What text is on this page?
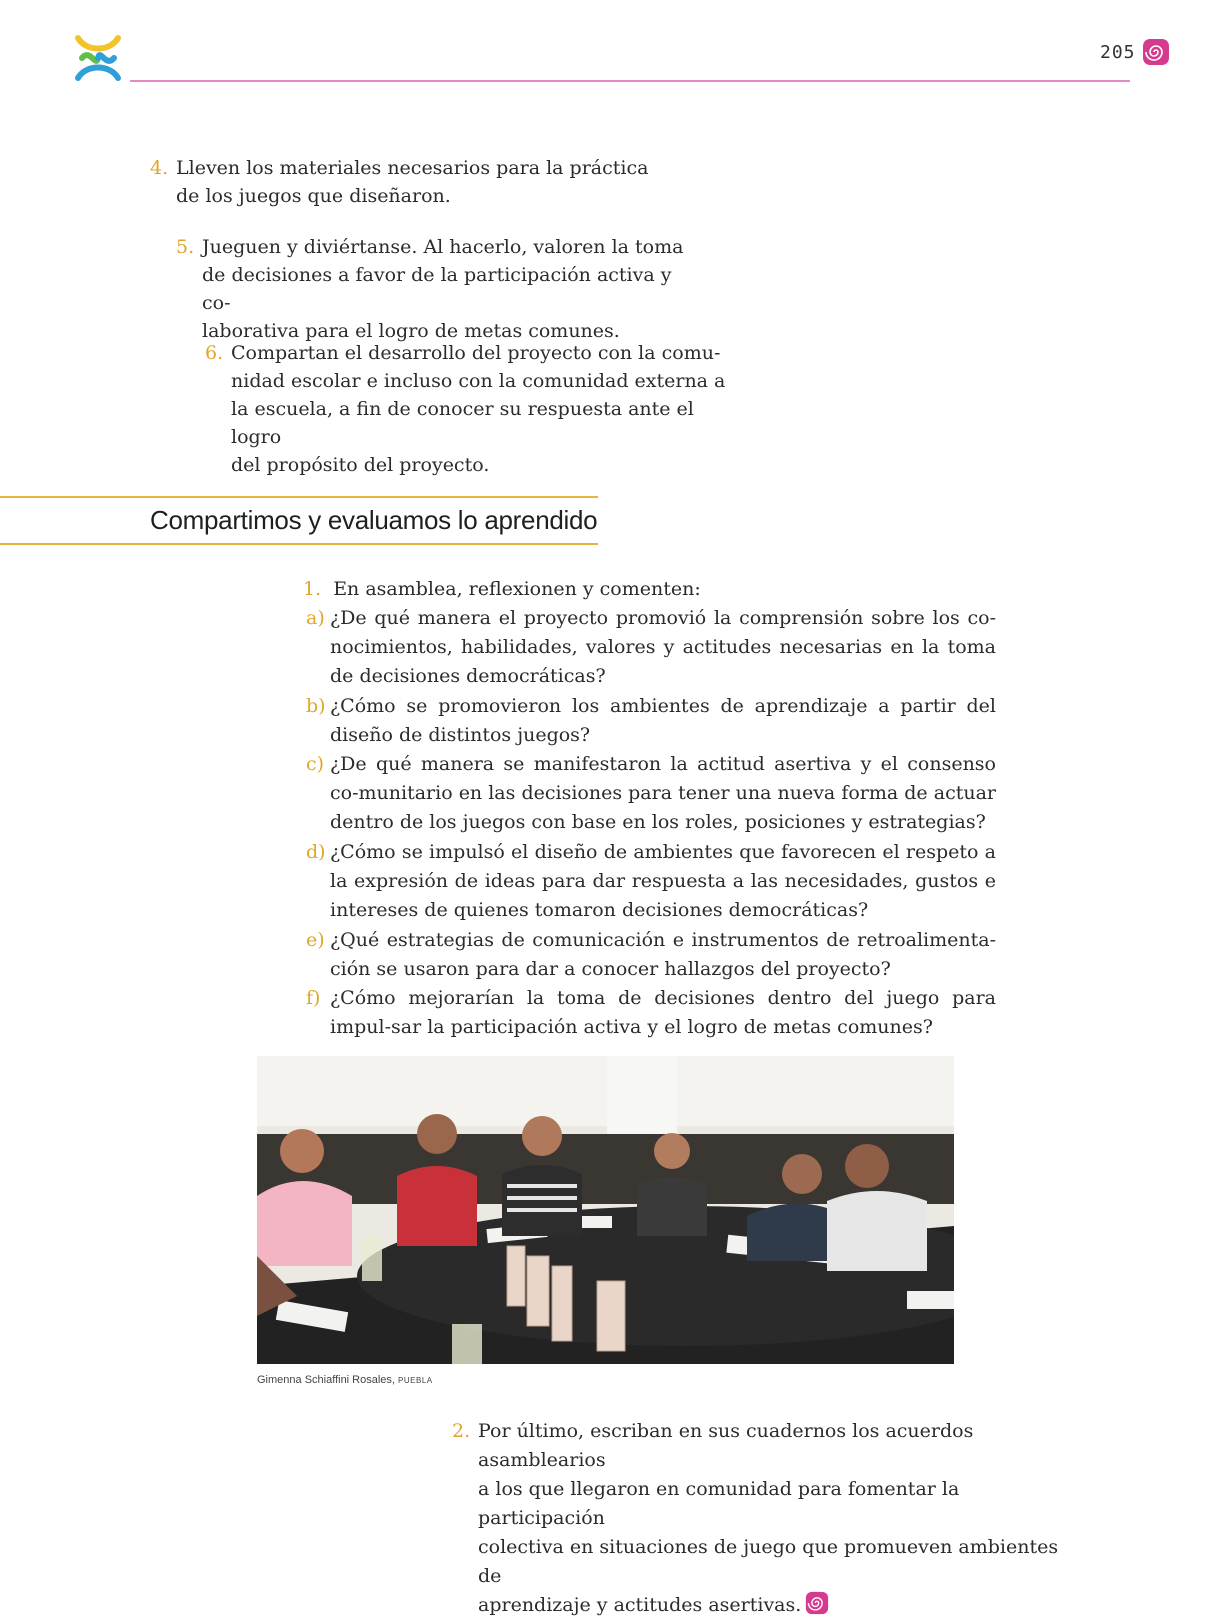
205
4. Lleven los materiales necesarios para la práctica
de los juegos que diseñaron.
5. Jueguen y diviértanse. Al hacerlo, valoren la toma
de decisiones a favor de la participación activa y co-
laborativa para el logro de metas comunes.
6. Compartan el desarrollo del proyecto con la comu-
nidad escolar e incluso con la comunidad externa a
la escuela, a fin de conocer su respuesta ante el logro
del propósito del proyecto.
Compartimos y evaluamos lo aprendido
1. En asamblea, reflexionen y comenten:
a) ¿De qué manera el proyecto promovió la comprensión sobre los co-nocimientos, habilidades, valores y actitudes necesarias en la toma de decisiones democráticas?
b) ¿Cómo se promovieron los ambientes de aprendizaje a partir del diseño de distintos juegos?
c) ¿De qué manera se manifestaron la actitud asertiva y el consenso co-munitario en las decisiones para tener una nueva forma de actuar dentro de los juegos con base en los roles, posiciones y estrategias?
d) ¿Cómo se impulsó el diseño de ambientes que favorecen el respeto a la expresión de ideas para dar respuesta a las necesidades, gustos e intereses de quienes tomaron decisiones democráticas?
e) ¿Qué estrategias de comunicación e instrumentos de retroalimenta-ción se usaron para dar a conocer hallazgos del proyecto?
f) ¿Cómo mejorarían la toma de decisiones dentro del juego para impul-sar la participación activa y el logro de metas comunes?
Gimenna Schiaffini Rosales, PUEBLA
2. Por último, escriban en sus cuadernos los acuerdos asamblearios
a los que llegaron en comunidad para fomentar la participación
colectiva en situaciones de juego que promueven ambientes de
aprendizaje y actitudes asertivas.
